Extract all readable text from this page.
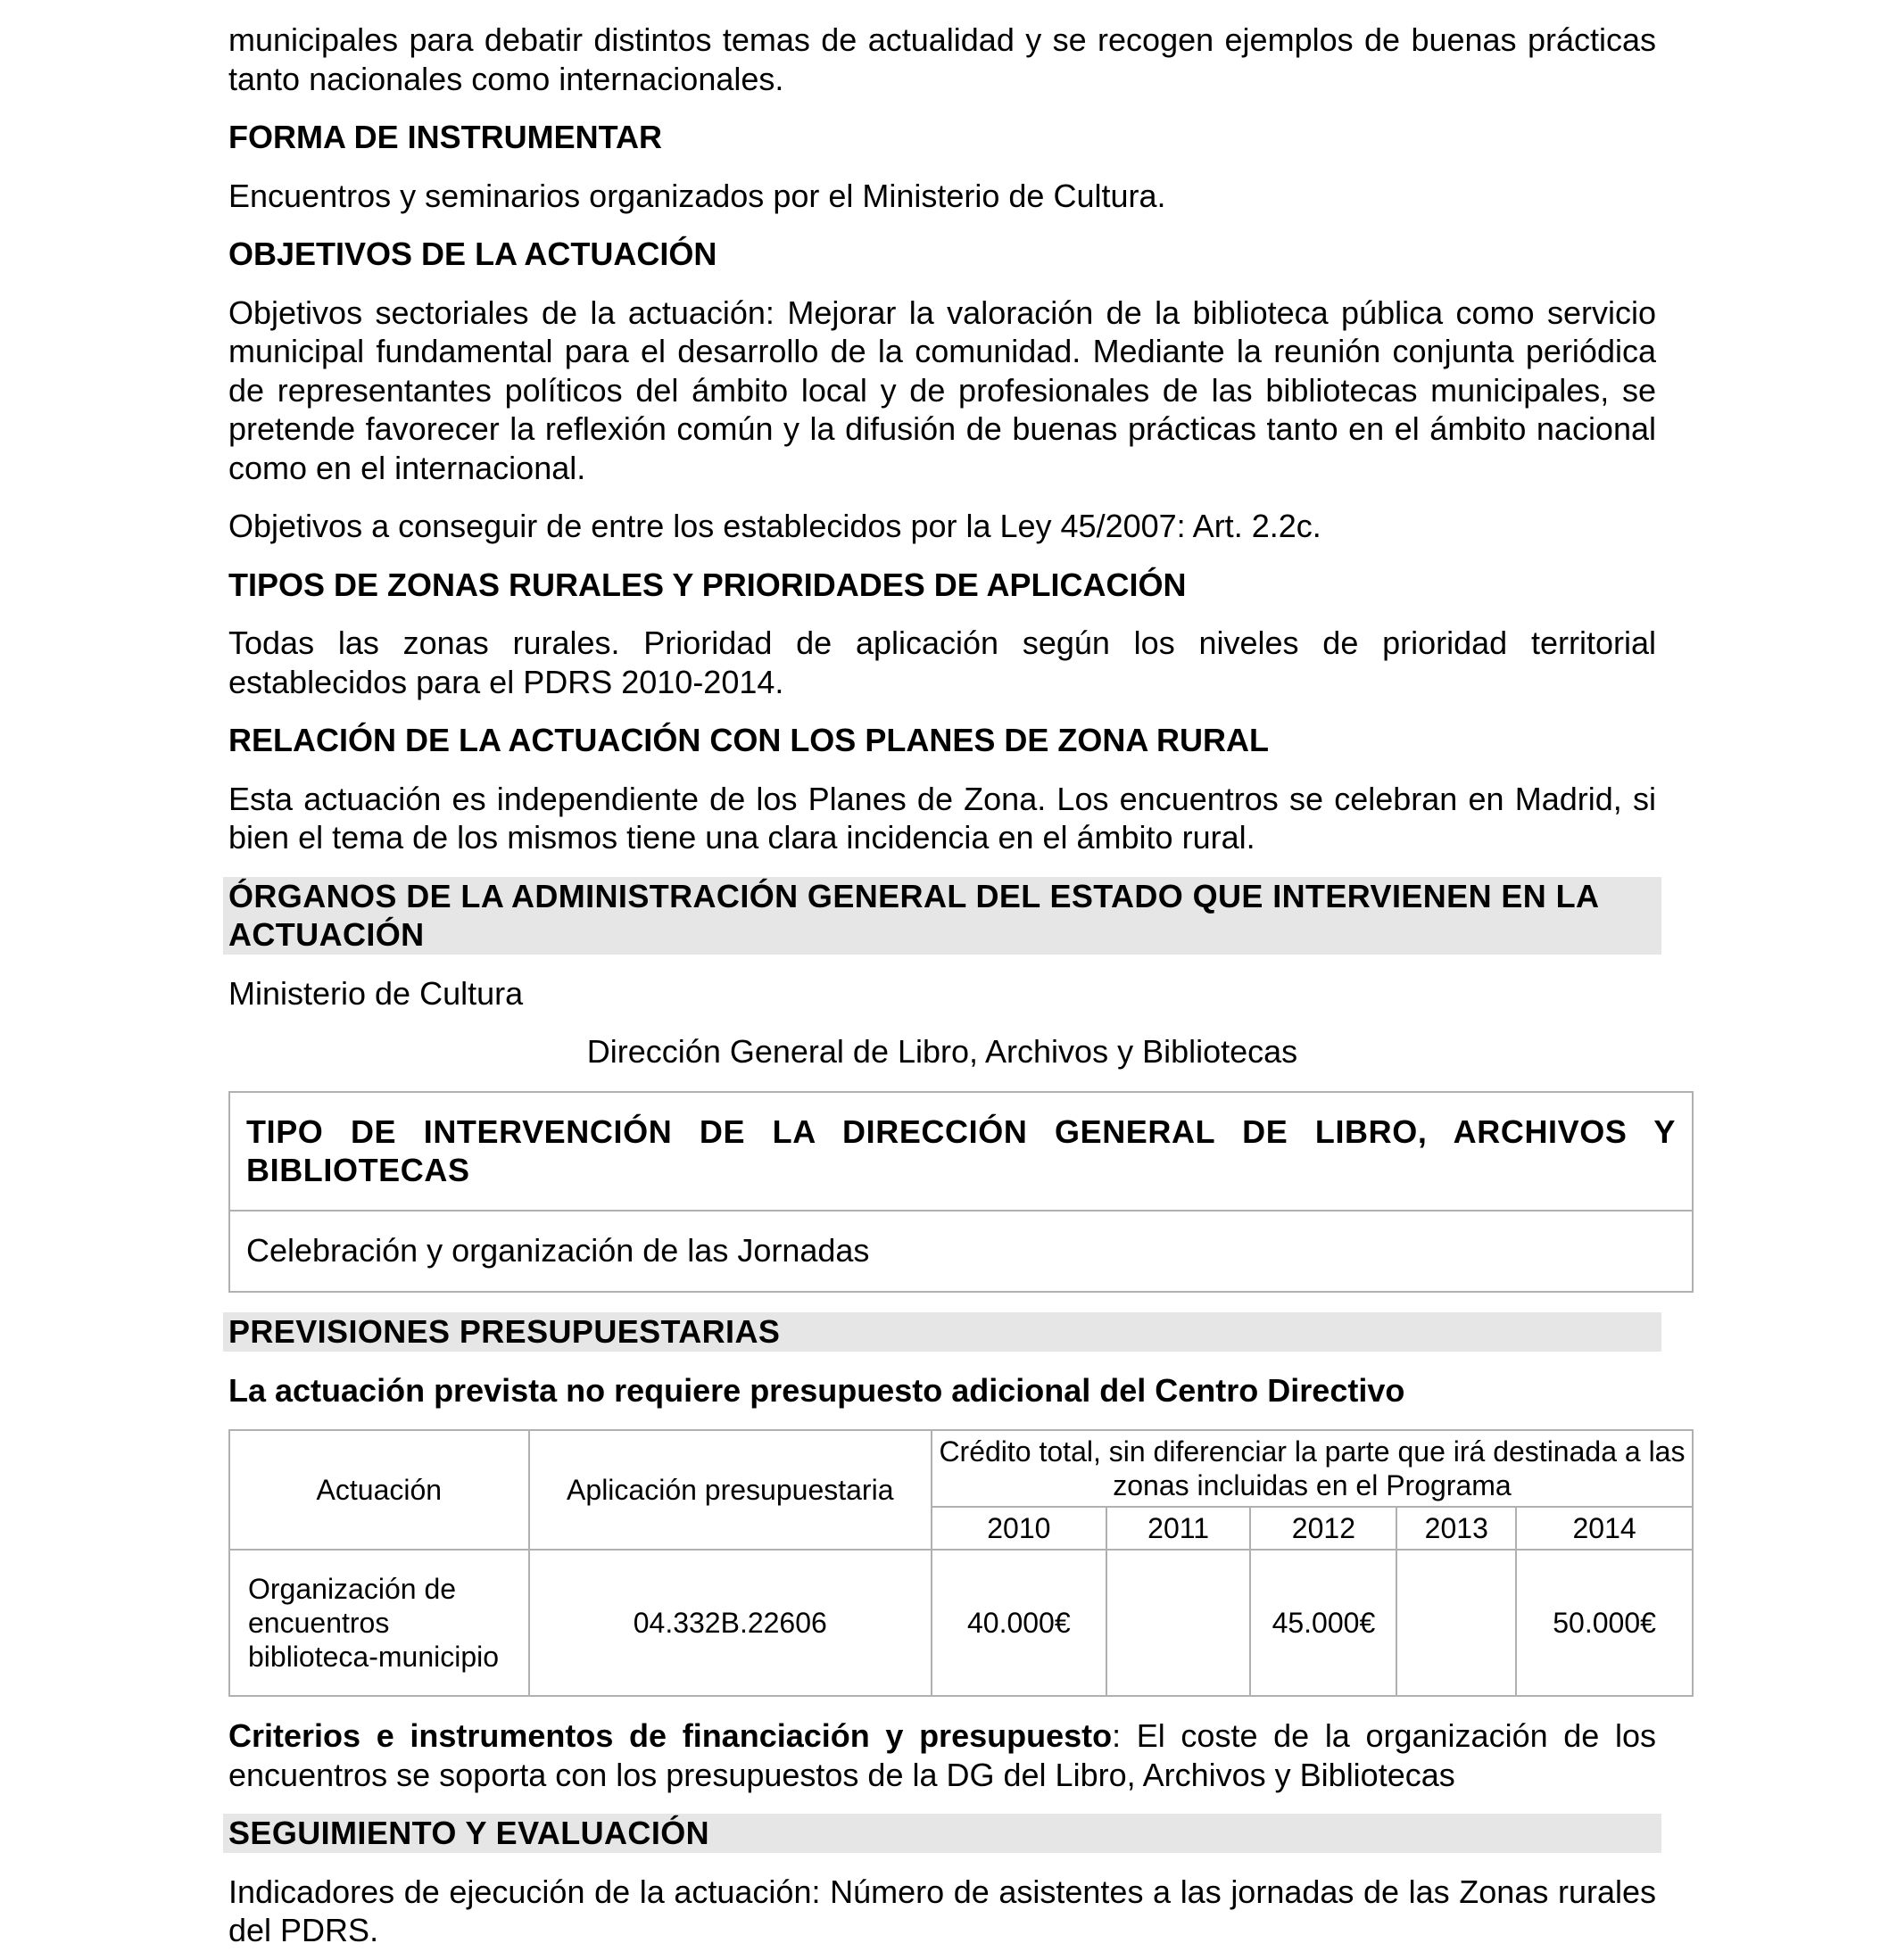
municipales para debatir distintos temas de actualidad y se recogen ejemplos de buenas prácticas tanto nacionales como internacionales.

FORMA DE INSTRUMENTAR

Encuentros y seminarios organizados por el Ministerio de Cultura.

OBJETIVOS DE LA ACTUACIÓN

Objetivos sectoriales de la actuación: Mejorar la valoración de la biblioteca pública como servicio municipal fundamental para el desarrollo de la comunidad. Mediante la reunión conjunta periódica de representantes políticos del ámbito local y de profesionales de las bibliotecas municipales, se pretende favorecer la reflexión común y la difusión de buenas prácticas tanto en el ámbito nacional como en el internacional.

Objetivos a conseguir de entre los establecidos por la Ley 45/2007: Art. 2.2c.

TIPOS DE ZONAS RURALES Y PRIORIDADES DE APLICACIÓN

Todas las zonas rurales. Prioridad de aplicación según los niveles de prioridad territorial establecidos para el PDRS 2010-2014.

RELACIÓN DE LA ACTUACIÓN CON LOS PLANES DE ZONA RURAL

Esta actuación es independiente de los Planes de Zona. Los encuentros se celebran en Madrid, si bien el tema de los mismos tiene una clara incidencia en el ámbito rural.

ÓRGANOS DE LA ADMINISTRACIÓN GENERAL DEL ESTADO QUE INTERVIENEN EN LA ACTUACIÓN

Ministerio de Cultura

Dirección General de Libro, Archivos y Bibliotecas

TIPO DE INTERVENCIÓN DE LA DIRECCIÓN GENERAL DE LIBRO, ARCHIVOS Y BIBLIOTECAS
Celebración y organización de las Jornadas

PREVISIONES PRESUPUESTARIAS

La actuación prevista no requiere presupuesto adicional del Centro Directivo

Actuación	Aplicación presupuestaria	Crédito total, sin diferenciar la parte que irá destinada a las zonas incluidas en el Programa				
		2010	2011	2012	2013	2014
Organización de encuentros biblioteca-municipio	04.332B.22606	40.000€		45.000€		50.000€

Criterios e instrumentos de financiación y presupuesto: El coste de la organización de los encuentros se soporta con los presupuestos de la DG del Libro, Archivos y Bibliotecas

SEGUIMIENTO Y EVALUACIÓN

Indicadores de ejecución de la actuación: Número de asistentes a las jornadas de las Zonas rurales del PDRS.
